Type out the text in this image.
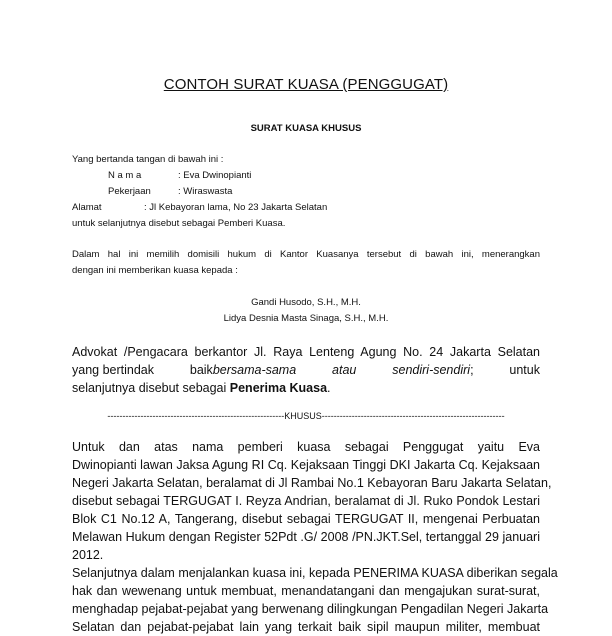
CONTOH SURAT KUASA (PENGGUGAT)
SURAT KUASA KHUSUS
Yang bertanda tangan di bawah ini :
N a m a	: Eva Dwinopianti
Pekerjaan	: Wiraswasta
Alamat	: Jl Kebayoran lama, No 23 Jakarta Selatan
untuk selanjutnya disebut sebagai Pemberi Kuasa.
Dalam hal ini memilih domisili hukum di Kantor Kuasanya tersebut di bawah ini, menerangkan
dengan ini memberikan kuasa kepada :
Gandi Husodo, S.H., M.H.
Lidya Desnia Masta Sinaga, S.H., M.H.
Advokat /Pengacara berkantor Jl. Raya Lenteng Agung No. 24 Jakarta Selatan
yang bertindak	baikbersama-sama	atau	sendiri-sendiri;	untuk
selanjutnya disebut sebagai Penerima Kuasa.
-----------------------------------------------------------KHUSUS-------------------------------------------------------------
Untuk dan atas nama pemberi kuasa sebagai Penggugat yaitu Eva
Dwinopianti lawan Jaksa Agung RI Cq. Kejaksaan Tinggi DKI Jakarta Cq. Kejaksaan
Negeri Jakarta Selatan, beralamat di Jl Rambai No.1 Kebayoran Baru Jakarta Selatan,
disebut sebagai TERGUGAT I. Reyza Andrian, beralamat di Jl. Ruko Pondok Lestari
Blok C1 No.12 A, Tangerang, disebut sebagai TERGUGAT II, mengenai Perbuatan
Melawan Hukum dengan Register 52Pdt .G/ 2008 /PN.JKT.Sel, tertanggal 29 januari
2012.
Selanjutnya dalam menjalankan kuasa ini, kepada PENERIMA KUASA diberikan segala
hak dan wewenang untuk membuat, menandatangani dan mengajukan surat-surat,
menghadap pejabat-pejabat yang berwenang dilingkungan Pengadilan Negeri Jakarta
Selatan dan pejabat-pejabat lain yang terkait baik sipil maupun militer, membuat
